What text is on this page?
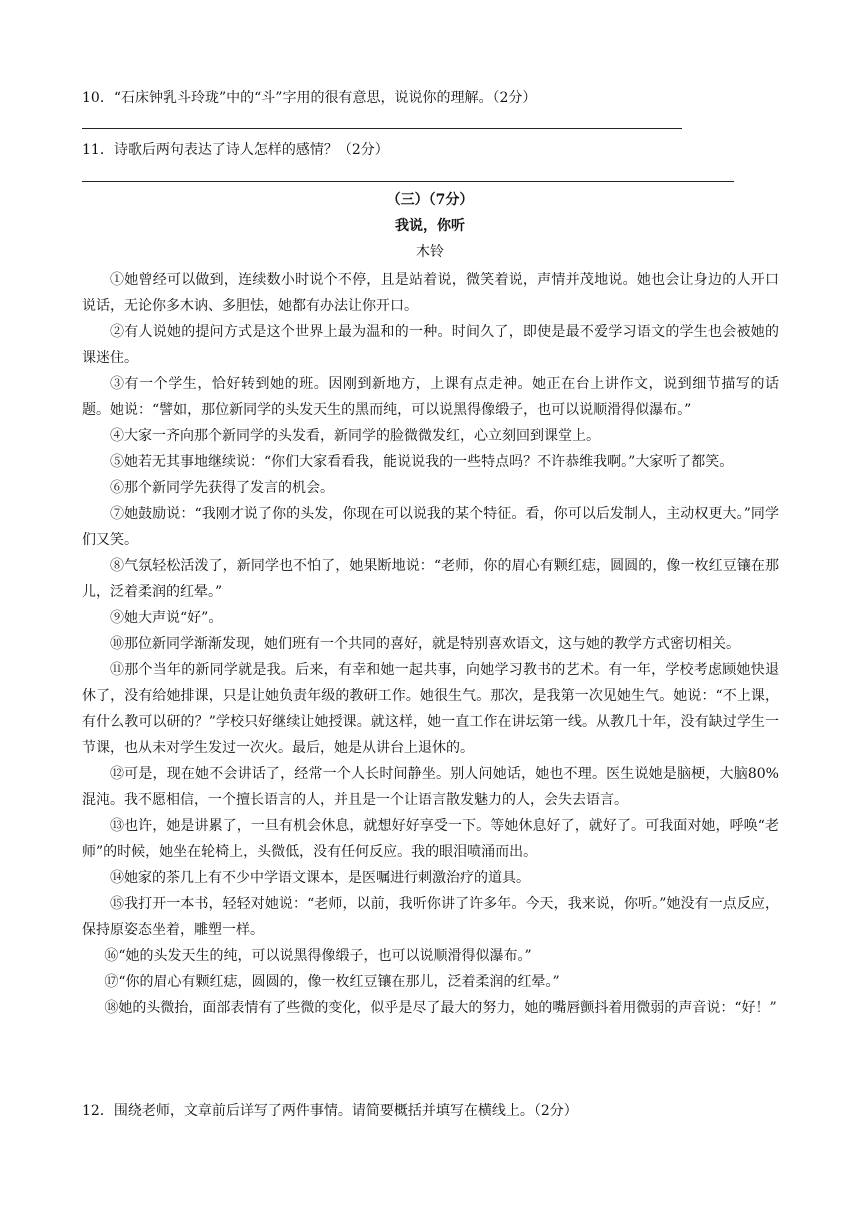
10．“石床钟乳斗玲珑”中的“斗”字用的很有意思，说说你的理解。（2分）
11．诗歌后两句表达了诗人怎样的感情？（2分）
（三）（7分）
我说，你听
木铃

①她曾经可以做到，连续数小时说个不停，且是站着说，微笑着说，声情并茂地说。她也会让身边的人开口说话，无论你多木讷、多胆怯，她都有办法让你开口。

②有人说她的提问方式是这个世界上最为温和的一种。时间久了，即使是最不爱学习语文的学生也会被她的课迷住。

③有一个学生，恰好转到她的班。因刚到新地方，上课有点走神。她正在台上讲作文，说到细节描写的话题。她说：“譬如，那位新同学的头发天生的黑而纯，可以说黑得像缎子，也可以说顺滑得似瀑布。”

④大家一齐向那个新同学的头发看，新同学的脸微微发红，心立刻回到课堂上。

⑤她若无其事地继续说：“你们大家看看我，能说说我的一些特点吗？不许恭维我啊。”大家听了都笑。

⑥那个新同学先获得了发言的机会。

⑦她鼓励说：“我刚才说了你的头发，你现在可以说我的某个特征。看，你可以后发制人，主动权更大。”同学们又笑。

⑧气氛轻松活泼了，新同学也不怕了，她果断地说：“老师，你的眉心有颗红痣，圆圆的，像一枚红豆镶在那儿，泛着柔润的红晕。”

⑨她大声说“好”。

⑩那位新同学渐渐发现，她们班有一个共同的喜好，就是特别喜欢语文，这与她的教学方式密切相关。

⑪那个当年的新同学就是我。后来，有幸和她一起共事，向她学习教书的艺术。有一年，学校考虑顾她快退休了，没有给她排课，只是让她负责年级的教研工作。她很生气。那次，是我第一次见她生气。她说：“不上课，有什么教可以研的？”学校只好继续让她授课。就这样，她一直工作在讲坛第一线。从教几十年，没有缺过学生一节课，也从未对学生发过一次火。最后，她是从讲台上退休的。

⑫可是，现在她不会讲话了，经常一个人长时间静坐。别人问她话，她也不理。医生说她是脑梗，大脑80%混沌。我不愿相信，一个擅长语言的人，并且是一个让语言散发魅力的人，会失去语言。

⑬也许，她是讲累了，一旦有机会休息，就想好好享受一下。等她休息好了，就好了。可我面对她，呼唤“老师”的时候，她坐在轮椅上，头微低，没有任何反应。我的眼泪喷涌而出。

⑭她家的茶几上有不少中学语文课本，是医嘱进行刺激治疗的道具。

⑮我打开一本书，轻轻对她说：“老师，以前，我听你讲了许多年。今天，我来说，你听。”她没有一点反应，保持原姿态坐着，雕塑一样。

⑯“她的头发天生的纯，可以说黑得像缎子，也可以说顺滑得似瀑布。”

⑰“你的眉心有颗红痣，圆圆的，像一枚红豆镶在那儿，泛着柔润的红晕。”

⑱她的头微抬，面部表情有了些微的变化，似乎是尽了最大的努力，她的嘴唇颤抖着用微弱的声音说：“好！”

12．围绕老师，文章前后详写了两件事情。请简要概括并填写在横线上。（2分）
